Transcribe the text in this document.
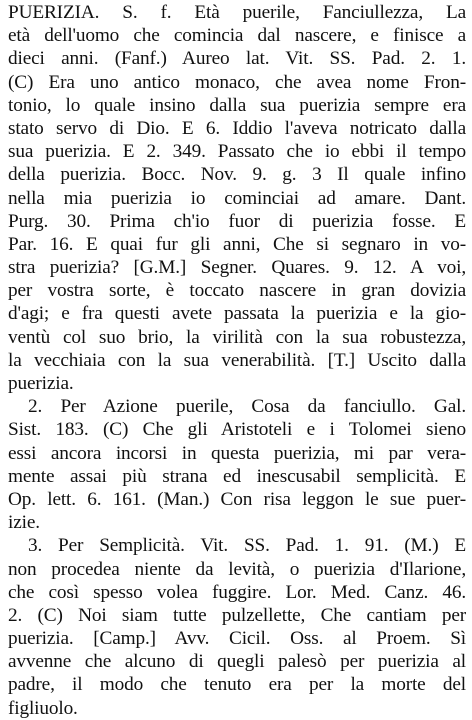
PUERIZIA. S. f. Età puerile, Fanciullezza, La
età dell'uomo che comincia dal nascere, e finisce a
dieci anni. (Fanf.) Aureo lat. Vit. SS. Pad. 2. 1.
(C) Era uno antico monaco, che avea nome Fron-
tonio, lo quale insino dalla sua puerizia sempre era
stato servo di Dio. E 6. Iddio l'aveva notricato dalla
sua puerizia. E 2. 349. Passato che io ebbi il tempo
della puerizia. Bocc. Nov. 9. g. 3 Il quale infino
nella mia puerizia io cominciai ad amare. Dant.
Purg. 30. Prima ch'io fuor di puerizia fosse. E
Par. 16. E quai fur gli anni, Che si segnaro in vo-
stra puerizia? [G.M.] Segner. Quares. 9. 12. A voi,
per vostra sorte, è toccato nascere in gran dovizia
d'agi; e fra questi avete passata la puerizia e la gio-
ventù col suo brio, la virilità con la sua robustezza,
la vecchiaia con la sua venerabilità. [T.] Uscito dalla
puerizia.
2. Per Azione puerile, Cosa da fanciullo. Gal.
Sist. 183. (C) Che gli Aristoteli e i Tolomei sieno
essi ancora incorsi in questa puerizia, mi par vera-
mente assai più strana ed inescusabil semplicità. E
Op. lett. 6. 161. (Man.) Con risa leggon le sue puer-
izie.
3. Per Semplicità. Vit. SS. Pad. 1. 91. (M.) E
non procedea niente da levità, o puerizia d'Ilarione,
che così spesso volea fuggire. Lor. Med. Canz. 46.
2. (C) Noi siam tutte pulzellette, Che cantiam per
puerizia. [Camp.] Avv. Cicil. Oss. al Proem. Sì
avvenne che alcuno di quegli palesò per puerizia al
padre, il modo che tenuto era per la morte del
figliuolo.
